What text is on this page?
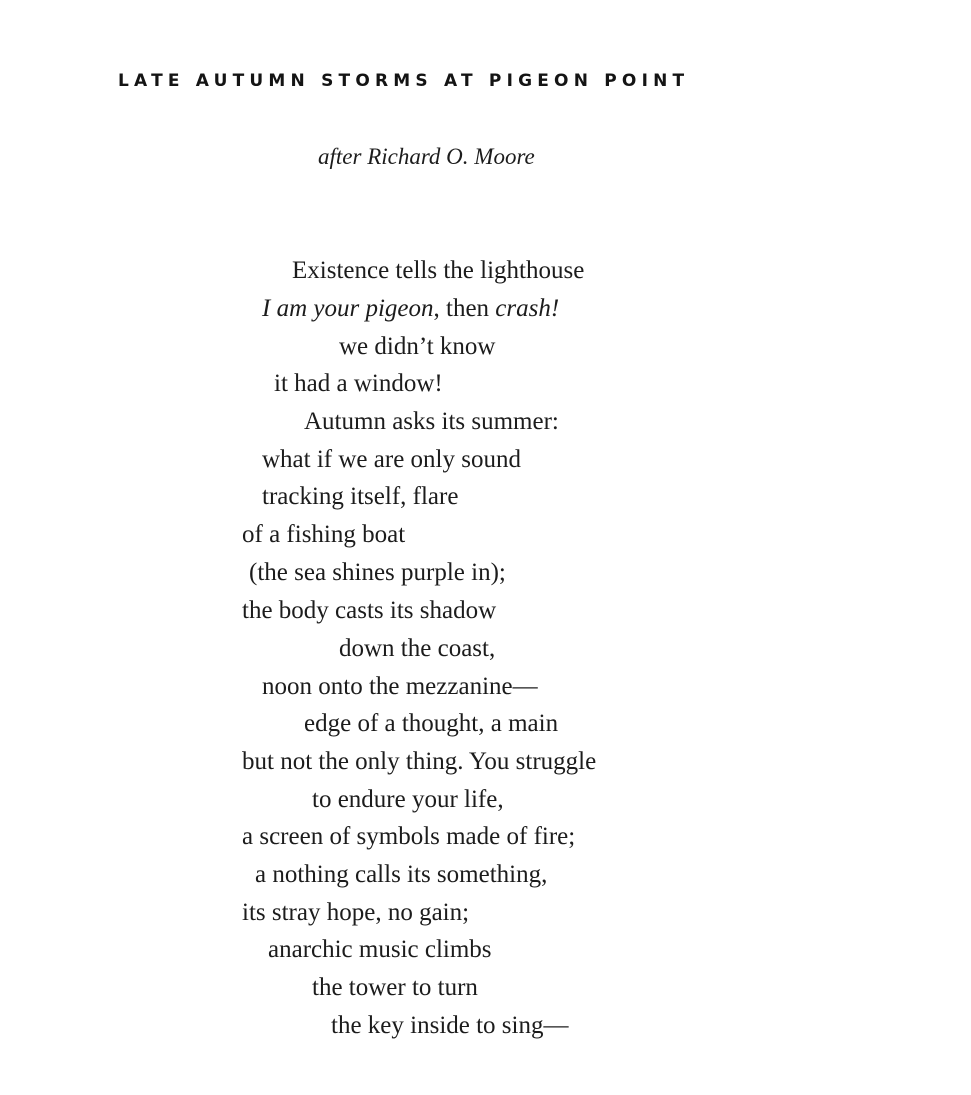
LATE AUTUMN STORMS AT PIGEON POINT
after Richard O. Moore
Existence tells the lighthouse
I am your pigeon, then crash!
we didn’t know
it had a window!
Autumn asks its summer:
what if we are only sound
tracking itself, flare
of a fishing boat
(the sea shines purple in);
the body casts its shadow
down the coast,
noon onto the mezzanine—
edge of a thought, a main
but not the only thing. You struggle
to endure your life,
a screen of symbols made of fire;
a nothing calls its something,
its stray hope, no gain;
anarchic music climbs
the tower to turn
the key inside to sing—
